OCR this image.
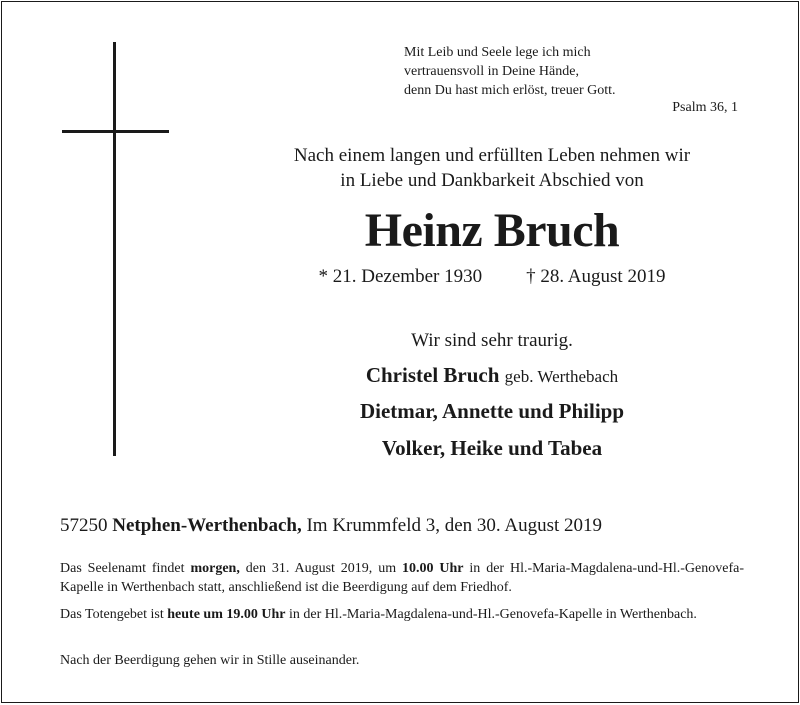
Mit Leib und Seele lege ich mich
vertrauensvoll in Deine Hände,
denn Du hast mich erlöst, treuer Gott.
Psalm 36, 1
Nach einem langen und erfüllten Leben nehmen wir
in Liebe und Dankbarkeit Abschied von
Heinz Bruch
* 21. Dezember 1930 † 28. August 2019
Wir sind sehr traurig.
Christel Bruch geb. Werthebach
Dietmar, Annette und Philipp
Volker, Heike und Tabea
57250 Netphen-Werthenbach, Im Krummfeld 3, den 30. August 2019
Das Seelenamt findet morgen, den 31. August 2019, um 10.00 Uhr in der Hl.-Maria-Magdalena-und-Hl.-Genovefa-Kapelle in Werthenbach statt, anschließend ist die Beerdigung auf dem Friedhof.
Das Totengebet ist heute um 19.00 Uhr in der Hl.-Maria-Magdalena-und-Hl.-Genovefa-Kapelle in Werthenbach.
Nach der Beerdigung gehen wir in Stille auseinander.
